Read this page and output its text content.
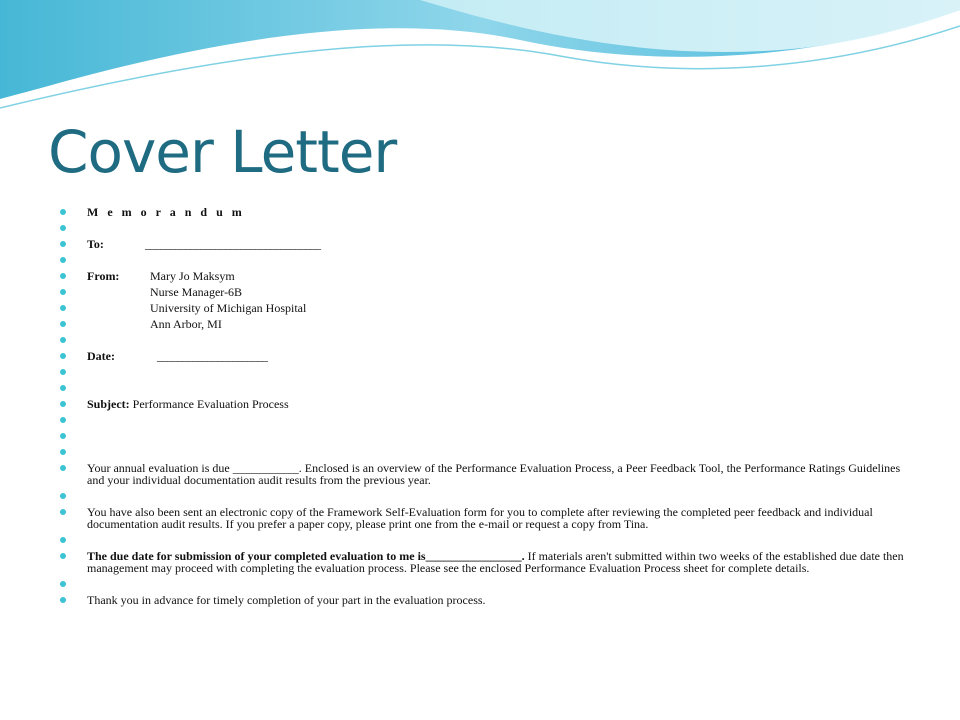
Cover Letter
M e m o r a n d u m
To:	___________________________________
From:	Mary Jo Maksym
Nurse Manager-6B
University of Michigan Hospital
Ann Arbor, MI
Date:	______________________
Subject: Performance Evaluation Process
Your annual evaluation is due ___________. Enclosed is an overview of the Performance Evaluation Process, a Peer Feedback Tool, the Performance Ratings Guidelines and your individual documentation audit results from the previous year.
You have also been sent an electronic copy of the Framework Self-Evaluation form for you to complete after reviewing the completed peer feedback and individual documentation audit results. If you prefer a paper copy, please print one from the e-mail or request a copy from Tina.
The due date for submission of your completed evaluation to me is________________. If materials aren't submitted within two weeks of the established due date then management may proceed with completing the evaluation process. Please see the enclosed Performance Evaluation Process sheet for complete details.
Thank you in advance for timely completion of your part in the evaluation process.
